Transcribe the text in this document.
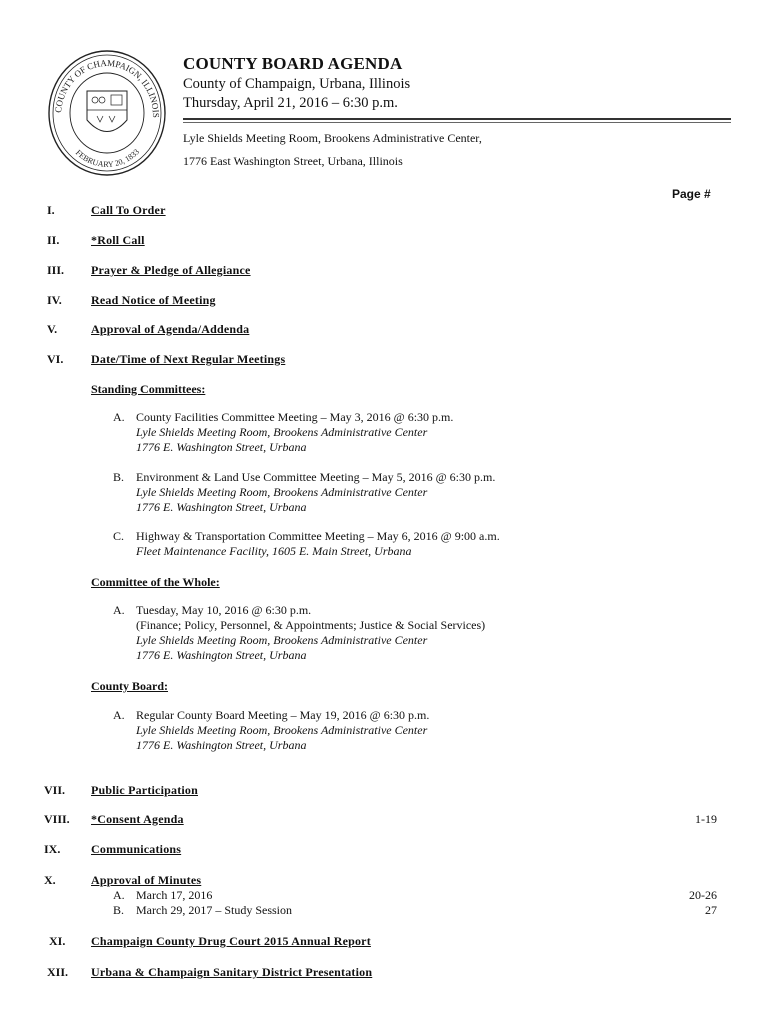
COUNTY OF CHAMPAIGN, ILLINOIS
FEBRUARY 20, 1833
COUNTY BOARD AGENDA
County of Champaign, Urbana, Illinois
Thursday, April 21, 2016 – 6:30 p.m.
Lyle Shields Meeting Room, Brookens Administrative Center,
1776 East Washington Street, Urbana, Illinois
Page #
I.	Call To Order
II.	*Roll Call
III. Prayer & Pledge of Allegiance
IV. Read Notice of Meeting
V.	Approval of Agenda/Addenda
VI. Date/Time of Next Regular Meetings
Standing Committees:
A. County Facilities Committee Meeting – May 3, 2016 @ 6:30 p.m.
Lyle Shields Meeting Room, Brookens Administrative Center
1776 E. Washington Street, Urbana
B. Environment & Land Use Committee Meeting – May 5, 2016 @ 6:30 p.m.
Lyle Shields Meeting Room, Brookens Administrative Center
1776 E. Washington Street, Urbana
C. Highway & Transportation Committee Meeting – May 6, 2016 @ 9:00 a.m.
Fleet Maintenance Facility, 1605 E. Main Street, Urbana
Committee of the Whole:
A. Tuesday, May 10, 2016 @ 6:30 p.m.
(Finance; Policy, Personnel, & Appointments; Justice & Social Services)
Lyle Shields Meeting Room, Brookens Administrative Center
1776 E. Washington Street, Urbana
County Board:
A. Regular County Board Meeting – May 19, 2016 @ 6:30 p.m.
Lyle Shields Meeting Room, Brookens Administrative Center
1776 E. Washington Street, Urbana
VII. Public Participation
VIII. *Consent Agenda	1-19
IX.	Communications
X.	Approval of Minutes
A. March 17, 2016	20-26
B. March 29, 2017 – Study Session	27
XI. Champaign County Drug Court 2015 Annual Report
XII. Urbana & Champaign Sanitary District Presentation
